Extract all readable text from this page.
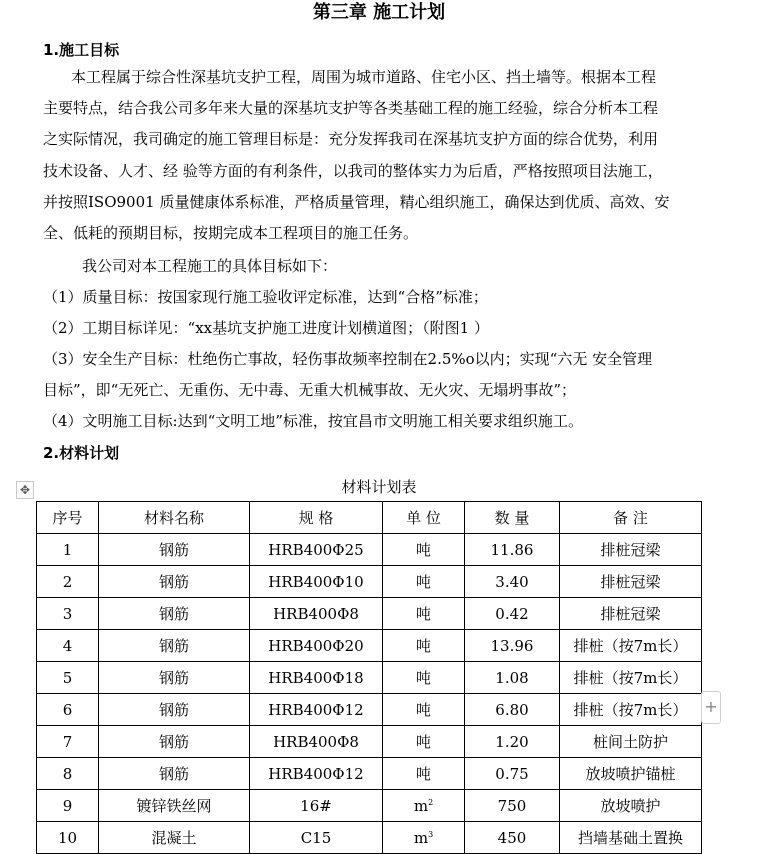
第三章 施工计划
1.施工目标

本工程属于综合性深基坑支护工程，周围为城市道路、住宅小区、挡土墙等。根据本工程

主要特点，结合我公司多年来大量的深基坑支护等各类基础工程的施工经验，综合分析本工程

之实际情况，我司确定的施工管理目标是：充分发挥我司在深基坑支护方面的综合优势，利用

技术设备、人才、经 验等方面的有利条件，以我司的整体实力为后盾，严格按照项目法施工，

并按照ISO9001 质量健康体系标准，严格质量管理，精心组织施工，确保达到优质、高效、安

全、低耗的预期目标，按期完成本工程项目的施工任务。

我公司对本工程施工的具体目标如下：

（1）质量目标：按国家现行施工验收评定标准，达到“合格”标准；
（2）工期目标详见：“xx基坑支护施工进度计划横道图；（附图1 ）
（3）安全生产目标：杜绝伤亡事故，轻伤事故频率控制在2.5%o以内；实现“六无 安全管理
目标”，即“无死亡、无重伤、无中毒、无重大机械事故、无火灾、无塌坍事故”；
（4）文明施工目标:达到“文明工地”标准，按宜昌市文明施工相关要求组织施工。
2.材料计划
✥	材料计划表
序号	材料名称	规 格	单 位	数 量	备 注
1	钢筋	HRB400Φ25	吨	11.86	排桩冠梁
2	钢筋	HRB400Φ10	吨	3.40	排桩冠梁
3	钢筋	HRB400Φ8	吨	0.42	排桩冠梁
4	钢筋	HRB400Φ20	吨	13.96	排桩（按7m长）
5	钢筋	HRB400Φ18	吨	1.08	排桩（按7m长）
6	钢筋	HRB400Φ12	吨	6.80	排桩（按7m长）
7	钢筋	HRB400Φ8	吨	1.20	桩间土防护
8	钢筋	HRB400Φ12	吨	0.75	放坡喷护锚桩
9	镀锌铁丝网	16#	$m^2$	750	放坡喷护
10	混凝土	C15	$m^3$	450	挡墙基础土置换
+
